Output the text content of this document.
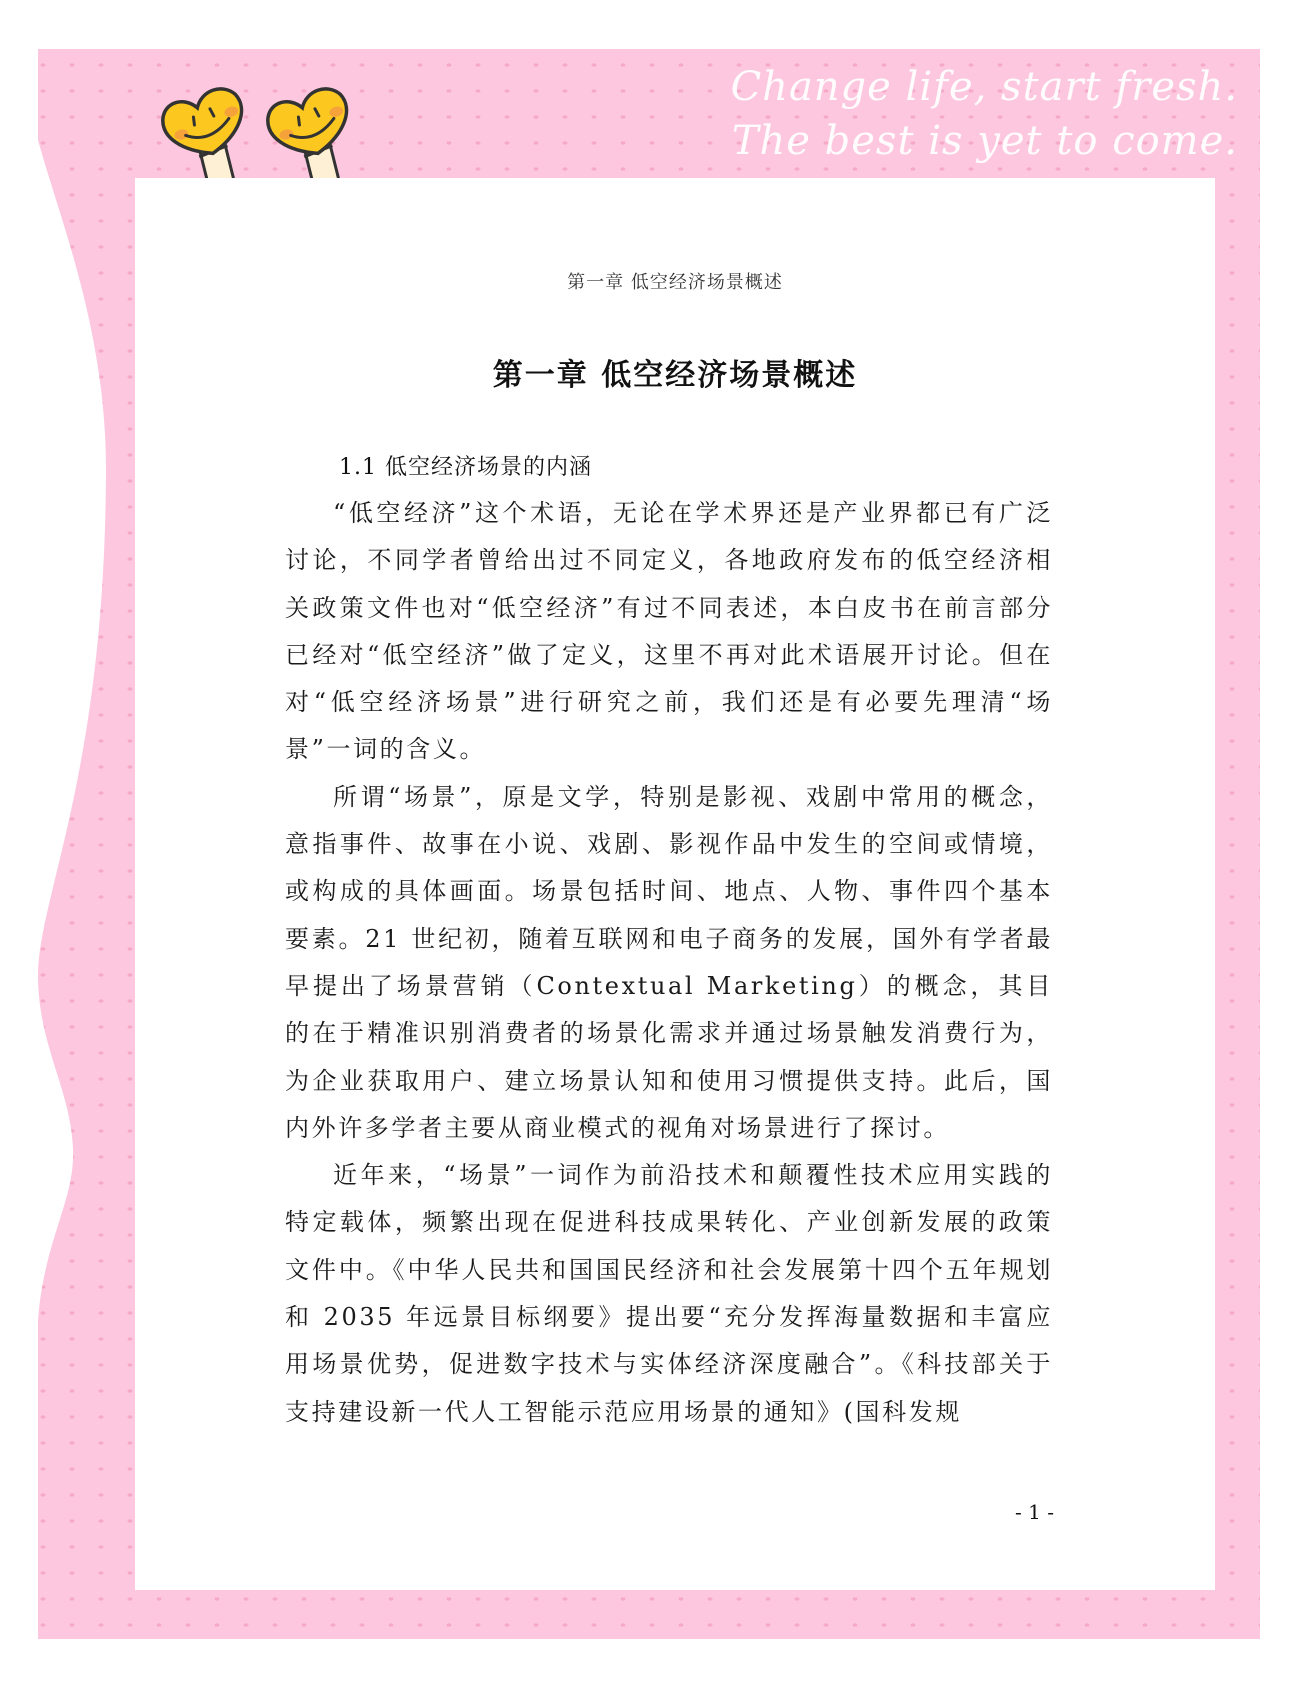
Change life, start fresh.
The best is yet to come.
第一章 低空经济场景概述
第一章 低空经济场景概述
1.1 低空经济场景的内涵

“低空经济”这个术语，无论在学术界还是产业界都已有广泛讨论，不同学者曾给出过不同定义，各地政府发布的低空经济相关政策文件也对“低空经济”有过不同表述，本白皮书在前言部分已经对“低空经济”做了定义，这里不再对此术语展开讨论。但在对“低空经济场景”进行研究之前，我们还是有必要先理清“场景”一词的含义。

所谓“场景”，原是文学，特别是影视、戏剧中常用的概念，意指事件、故事在小说、戏剧、影视作品中发生的空间或情境，或构成的具体画面。场景包括时间、地点、人物、事件四个基本要素。21 世纪初，随着互联网和电子商务的发展，国外有学者最早提出了场景营销（Contextual Marketing）的概念，其目的在于精准识别消费者的场景化需求并通过场景触发消费行为，为企业获取用户、建立场景认知和使用习惯提供支持。此后，国内外许多学者主要从商业模式的视角对场景进行了探讨。

近年来，“场景”一词作为前沿技术和颠覆性技术应用实践的特定载体，频繁出现在促进科技成果转化、产业创新发展的政策文件中。《中华人民共和国国民经济和社会发展第十四个五年规划和 2035 年远景目标纲要》提出要“充分发挥海量数据和丰富应用场景优势，促进数字技术与实体经济深度融合”。《科技部关于支持建设新一代人工智能示范应用场景的通知》(国科发规

- 1 -
